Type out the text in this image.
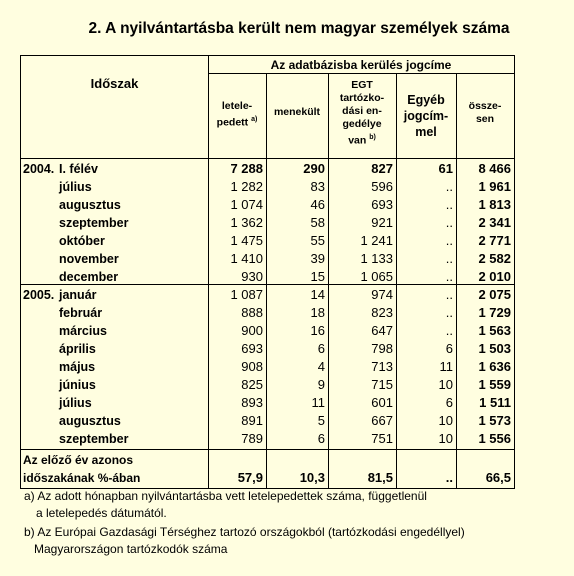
2. A nyilvántartásba került nem magyar személyek száma
Időszak
Az adatbázisba kerülés jogcíme
letele-
pedett $^{a)}$
menekült
EGT
tartózko-
dási en-
gedélye
van $^{b)}$
Egyéb
jogcím-
mel
össze-
sen
2004. I. félév	7 288	290	827	61	8 466
július	1 282	83	596	..	1 961
augusztus	1 074	46	693	..	1 813
szeptember	1 362	58	921	..	2 341
október	1 475	55	1 241	..	2 771
november	1 410	39	1 133	..	2 582
december	930	15	1 065	..	2 010
2005. január	1 087	14	974	..	2 075
február	888	18	823	..	1 729
március	900	16	647	..	1 563
április	693	6	798	6	1 503
május	908	4	713	11	1 636
június	825	9	715	10	1 559
július	893	11	601	6	1 511
augusztus	891	5	667	10	1 573
szeptember	789	6	751	10	1 556
Az előző év azonos
időszakának %-ában	57,9	10,3	81,5	..	66,5
a) Az adott hónapban nyilvántartásba vett letelepedettek száma, függetlenül
a letelepedés dátumától.
b) Az Európai Gazdasági Térséghez tartozó országokból (tartózkodási engedéllyel)
Magyarországon tartózkodók száma
